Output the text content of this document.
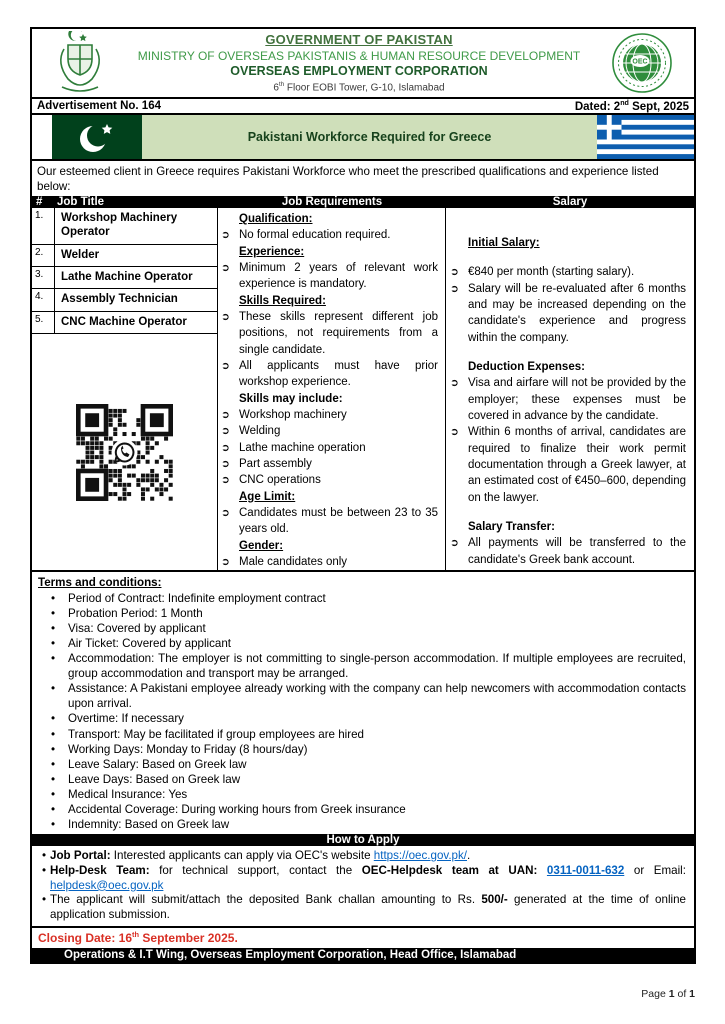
GOVERNMENT OF PAKISTAN
MINISTRY OF OVERSEAS PAKISTANIS & HUMAN RESOURCE DEVELOPMENT
OVERSEAS EMPLOYMENT CORPORATION
6th Floor EOBI Tower, G-10, Islamabad
OEC
Advertisement No. 164	Dated: 2nd Sept, 2025
Pakistani Workforce Required for Greece
Our esteemed client in Greece requires Pakistani Workforce who meet the prescribed qualifications and experience listed below:
#	Job Title	Job Requirements	Salary
1.	Workshop Machinery Operator
2.	Welder
3.	Lathe Machine Operator
4.	Assembly Technician
5.	CNC Machine Operator
Qualification:
➲ No formal education required.
Experience:
➲ Minimum 2 years of relevant work experience is mandatory.
Skills Required:
➲ These skills represent different job positions, not requirements from a single candidate.
➲ All applicants must have prior workshop experience.
Skills may include:
➲ Workshop machinery
➲ Welding
➲ Lathe machine operation
➲ Part assembly
➲ CNC operations
Age Limit:
➲ Candidates must be between 23 to 35 years old.
Gender:
➲ Male candidates only
Initial Salary:
➲ €840 per month (starting salary).
➲ Salary will be re-evaluated after 6 months and may be increased depending on the candidate's experience and progress within the company.
Deduction Expenses:
➲ Visa and airfare will not be provided by the employer; these expenses must be covered in advance by the candidate.
➲ Within 6 months of arrival, candidates are required to finalize their work permit documentation through a Greek lawyer, at an estimated cost of €450–600, depending on the lawyer.
Salary Transfer:
➲ All payments will be transferred to the candidate's Greek bank account.
Terms and conditions:
•	Period of Contract: Indefinite employment contract
•	Probation Period: 1 Month
•	Visa: Covered by applicant
•	Air Ticket: Covered by applicant
•	Accommodation: The employer is not committing to single-person accommodation. If multiple employees are recruited, group accommodation and transport may be arranged.
•	Assistance: A Pakistani employee already working with the company can help newcomers with accommodation contacts upon arrival.
•	Overtime: If necessary
•	Transport: May be facilitated if group employees are hired
•	Working Days: Monday to Friday (8 hours/day)
•	Leave Salary: Based on Greek law
•	Leave Days: Based on Greek law
•	Medical Insurance: Yes
•	Accidental Coverage: During working hours from Greek insurance
•	Indemnity: Based on Greek law
How to Apply
• Job Portal: Interested applicants can apply via OEC's website https://oec.gov.pk/.
• Help-Desk Team: for technical support, contact the OEC-Helpdesk team at UAN: 0311-0011-632 or Email: helpdesk@oec.gov.pk
• The applicant will submit/attach the deposited Bank challan amounting to Rs. 500/- generated at the time of online application submission.
Closing Date: 16th September 2025.
Operations & I.T Wing, Overseas Employment Corporation, Head Office, Islamabad
Page 1 of 1
